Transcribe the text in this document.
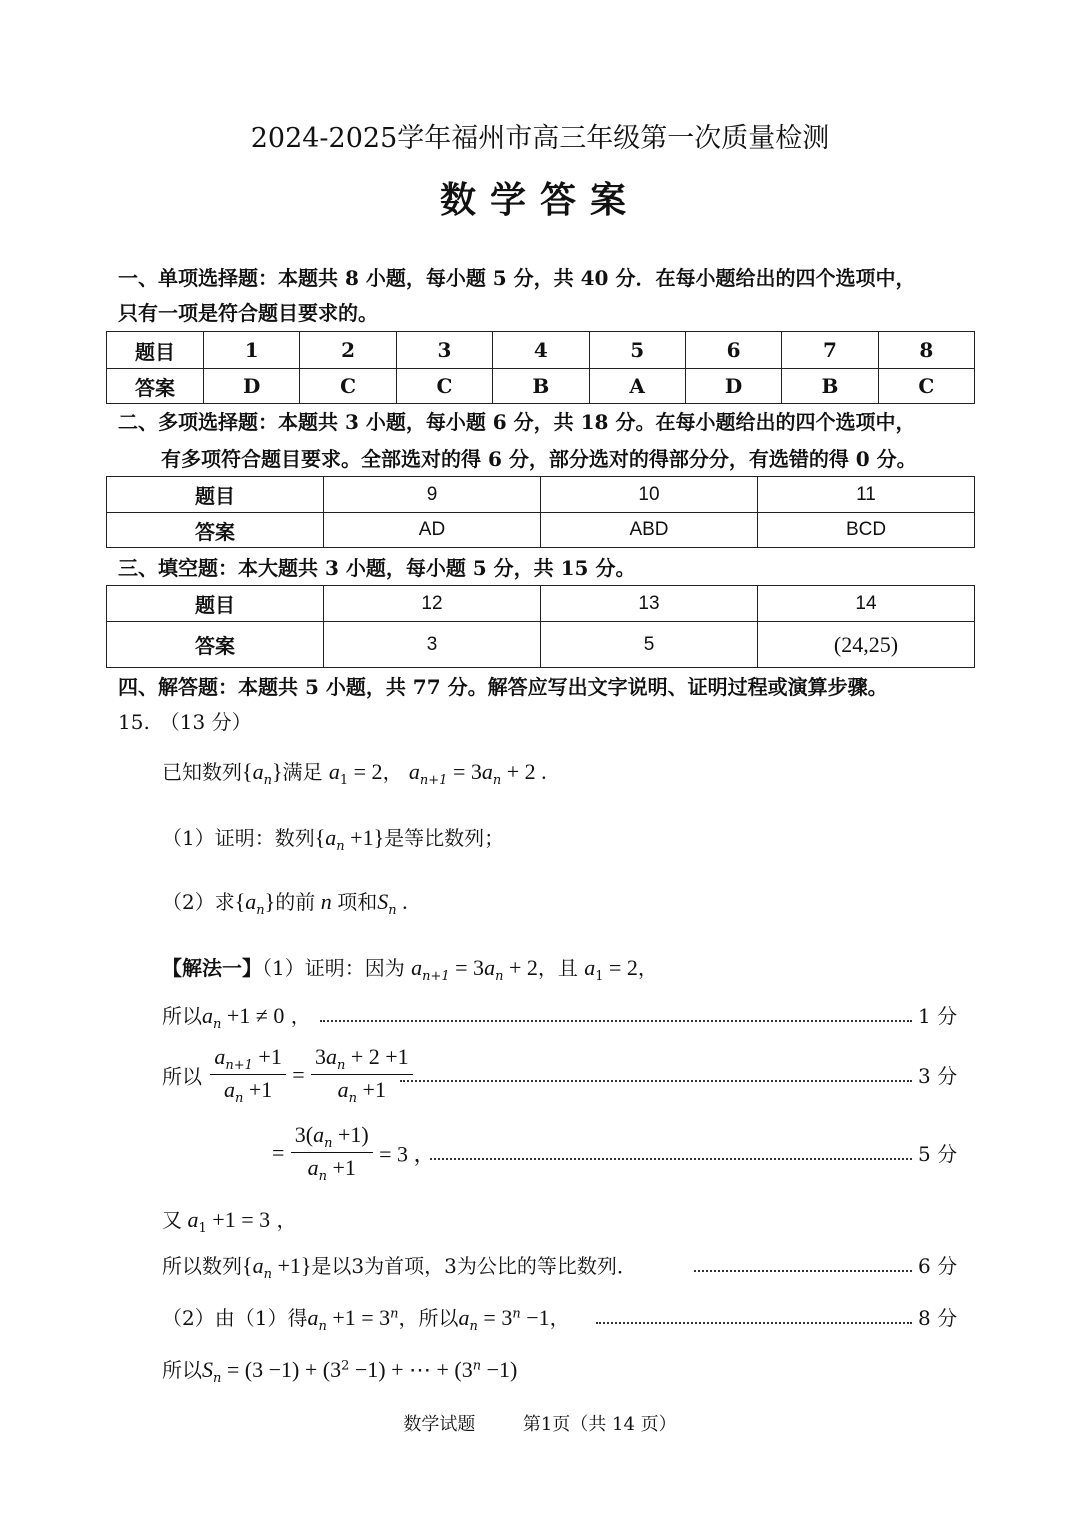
2024-2025学年福州市高三年级第一次质量检测
数学答案
一、单项选择题：本题共 8 小题，每小题 5 分，共 40 分．在每小题给出的四个选项中，
只有一项是符合题目要求的。
题目	1	2	3	4	5	6	7	8
答案	D	C	C	B	A	D	B	C
二、多项选择题：本题共 3 小题，每小题 6 分，共 18 分。在每小题给出的四个选项中，
有多项符合题目要求。全部选对的得 6 分，部分选对的得部分分，有选错的得 0 分。
题目	9	10	11
答案	AD	ABD	BCD
三、填空题：本大题共 3 小题，每小题 5 分，共 15 分。
题目	12	13	14
答案	3	5	(24,25)
四、解答题：本题共 5 小题，共 77 分。解答应写出文字说明、证明过程或演算步骤。
15.　（13 分）
已知数列$\{a_n\}$满足 $a_1 = 2$， $a_{n+1} = 3a_n + 2$ .
（1）证明：数列$\{a_n +1\}$是等比数列；
（2）求$\{a_n\}$的前 n 项和$S_n$ .
【解法一】（1）证明：因为 $a_{n+1} = 3a_n + 2$，且 $a_1 = 2$，
所以$a_n +1 \ne 0$ ，	1 分
所以 $\frac{a_{n+1} +1}{a_n +1} = \frac{3a_n + 2 +1}{a_n +1}$	3 分
= $\frac{3(a_n +1)}{a_n +1} = 3$ ，	5 分
又 $a_1 +1 = 3$ ，
所以数列$\{a_n +1\}$是以3为首项，3为公比的等比数列．	6 分
（2）由（1）得$a_n +1 = 3^n$，所以$a_n = 3^n -1$，	8 分
所以$S_n = (3 -1) + (3^2 -1)$ + ⋯ + $(3^n -1)$
数学试题	第1页（共 14 页）
